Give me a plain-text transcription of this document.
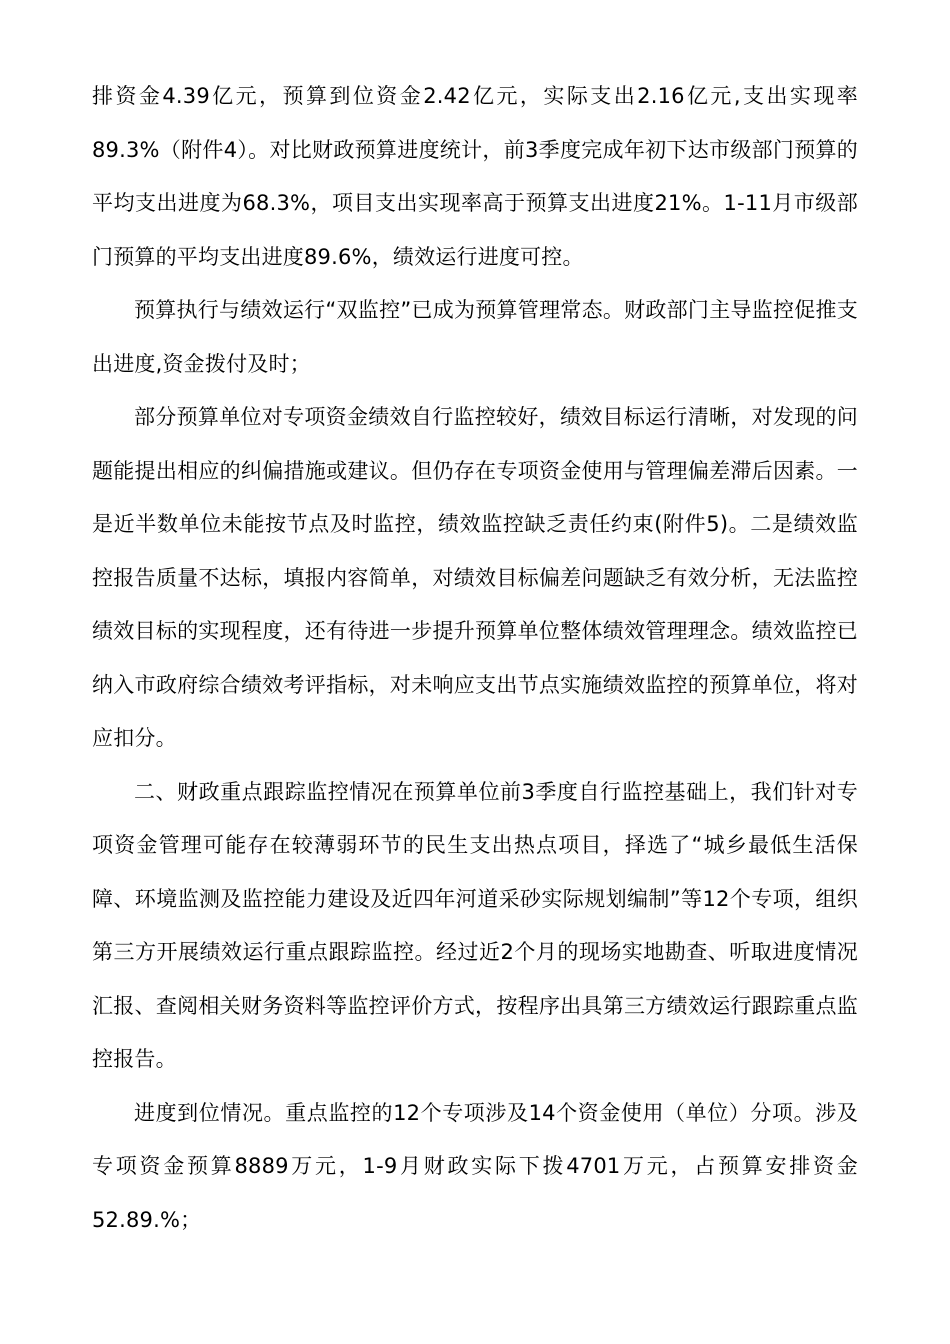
排资金4.39亿元，预算到位资金2.42亿元，实际支出2.16亿元,支出实现率89.3%（附件4）。对比财政预算进度统计，前3季度完成年初下达市级部门预算的平均支出进度为68.3%，项目支出实现率高于预算支出进度21%。1-11月市级部门预算的平均支出进度89.6%，绩效运行进度可控。

预算执行与绩效运行“双监控”已成为预算管理常态。财政部门主导监控促推支出进度,资金拨付及时；

部分预算单位对专项资金绩效自行监控较好，绩效目标运行清晰，对发现的问题能提出相应的纠偏措施或建议。但仍存在专项资金使用与管理偏差滞后因素。一是近半数单位未能按节点及时监控，绩效监控缺乏责任约束(附件5)。二是绩效监控报告质量不达标，填报内容简单，对绩效目标偏差问题缺乏有效分析，无法监控绩效目标的实现程度，还有待进一步提升预算单位整体绩效管理理念。绩效监控已纳入市政府综合绩效考评指标，对未响应支出节点实施绩效监控的预算单位，将对应扣分。

二、财政重点跟踪监控情况在预算单位前3季度自行监控基础上，我们针对专项资金管理可能存在较薄弱环节的民生支出热点项目，择选了“城乡最低生活保障、环境监测及监控能力建设及近四年河道采砂实际规划编制”等12个专项，组织第三方开展绩效运行重点跟踪监控。经过近2个月的现场实地勘查、听取进度情况汇报、查阅相关财务资料等监控评价方式，按程序出具第三方绩效运行跟踪重点监控报告。

进度到位情况。重点监控的12个专项涉及14个资金使用（单位）分项。涉及专项资金预算8889万元，1-9月财政实际下拨4701万元，占预算安排资金52.89.%；
